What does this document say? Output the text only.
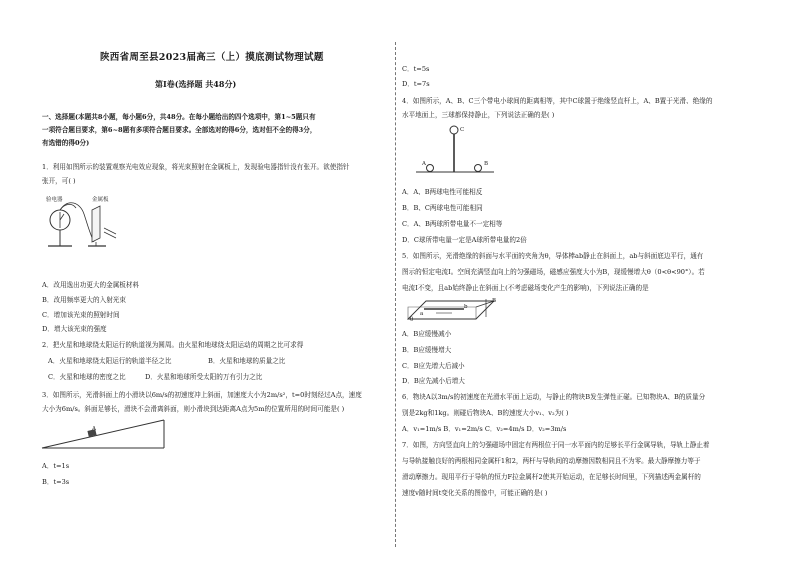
陕西省周至县2023届高三（上）摸底测试物理试题
第Ⅰ卷(选择题 共48分)
一、选择题(本题共8小题，每小题6分，共48分。在每小题给出的四个选项中，第1~5题只有
一项符合题目要求，第6~8题有多项符合题目要求。全部选对的得6分，选对但不全的得3分，
有选错的得0分)
1．利用如图所示的装置观察光电效应现象，将光束照射在金属板上，发现验电器指针没有张开。欲使指针
张开，可( )
验电器	金属板
A．改用逸出功更大的金属板材料
B．改用频率更大的入射光束
C．增加该光束的照射时间
D．增大该光束的强度
2．把火星和地球绕太阳运行的轨道视为圆周。由火星和地球绕太阳运动的周期之比可求得
A．火星和地球绕太阳运行的轨道半径之比	B．火星和地球的质量之比
C．火星和地球的密度之比	D．火星和地球所受太阳的万有引力之比
3．如图所示，光滑斜面上的小滑块以6m/s的初速度冲上斜面，加速度大小为2m/s²，t=0时刻经过A点，速度
大小为6m/s。斜面足够长，滑块不会滑离斜面，则小滑块到达距离A点为5m的位置所用的时间可能是( )
A
A．t=1s
B．t=3s
C．t=5s
D．t=7s
4．如图所示，A、B、C三个带电小球间的距离相等，其中C球置于绝缘竖直杆上，A、B置于光滑、绝缘的
水平地面上，三球都保持静止，下列说法正确的是( )
C
A	B
A．A、B两球电性可能相反
B．B、C两球电性可能相同
C．A、B两球所带电量不一定相等
D．C球所带电量一定是A球所带电量的2倍
5．如图所示，光滑绝缘的斜面与水平面的夹角为θ，导体棒ab静止在斜面上，ab与斜面底边平行，通有
图示的恒定电流I。空间充满竖直向上的匀强磁场，磁感应强度大小为B，现缓慢增大θ（0<θ<90°）。若
电流I不变，且ab始终静止在斜面上(不考虑磁场变化产生的影响)，下列说法正确的是
a
b
B
θ
A．B应缓慢减小
B．B应缓慢增大
C．B应先增大后减小
D．B应先减小后增大
6．物块A以3m/s的初速度在光滑水平面上运动，与静止的物块B发生弹性正碰。已知物块A、B的质量分
别是2kg和1kg。则碰后物块A、B的速度大小v₁、v₂为( )
A．v₁=1m/s B．v₁=2m/s C．v₂=4m/s D．v₂=3m/s
7．如图，方向竖直向上的匀强磁场中固定有两根位于同一水平面内的足够长平行金属导轨，导轨上静止着
与导轨接触良好的两根相同金属杆1和2，两杆与导轨间的动摩擦因数相同且不为零。最大静摩擦力等于
滑动摩擦力。现用平行于导轨的恒力F拉金属杆2使其开始运动，在足够长时间里，下列描述两金属杆的
速度v随时间t变化关系的图像中，可能正确的是( )
